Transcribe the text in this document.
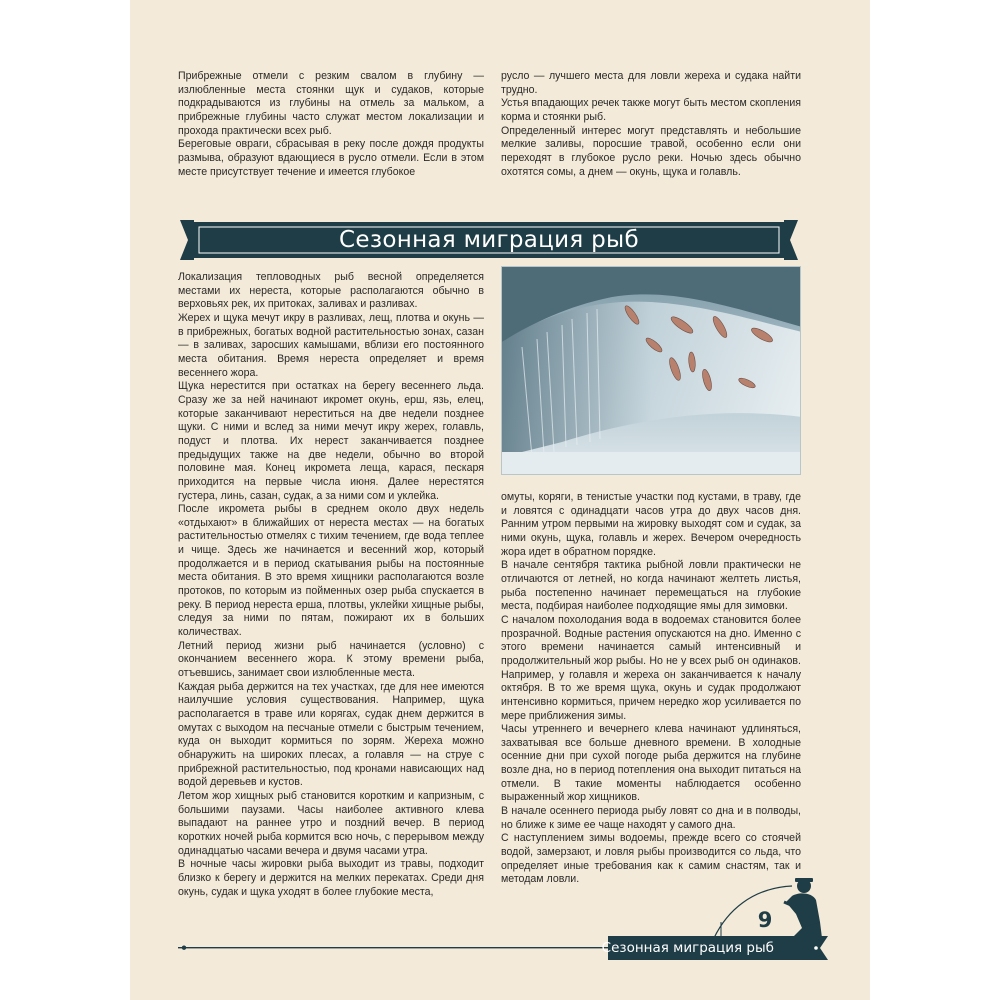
Прибрежные отмели с резким свалом в глубину — излюбленные места стоянки щук и судаков, которые подкрадываются из глубины на отмель за мальком, а прибрежные глубины часто служат местом локализации и прохода практически всех рыб.

Береговые овраги, сбрасывая в реку после дождя продукты размыва, образуют вдающиеся в русло отмели. Если в этом месте присутствует течение и имеется глубокое

русло — лучшего места для ловли жереха и судака найти трудно.

Устья впадающих речек также могут быть местом скопления корма и стоянки рыб.

Определенный интерес могут представлять и небольшие мелкие заливы, поросшие травой, особенно если они переходят в глубокое русло реки. Ночью здесь обычно охотятся сомы, а днем — окунь, щука и голавль.

Сезонная миграция рыб

Локализация тепловодных рыб весной определяется местами их нереста, которые располагаются обычно в верховьях рек, их притоках, заливах и разливах.

Жерех и щука мечут икру в разливах, лещ, плотва и окунь — в прибрежных, богатых водной растительностью зонах, сазан — в заливах, заросших камышами, вблизи его постоянного места обитания. Время нереста определяет и время весеннего жора.

Щука нерестится при остатках на берегу весеннего льда. Сразу же за ней начинают икромет окунь, ерш, язь, елец, которые заканчивают нереститься на две недели позднее щуки. С ними и вслед за ними мечут икру жерех, голавль, подуст и плотва. Их нерест заканчивается позднее предыдущих также на две недели, обычно во второй половине мая. Конец икромета леща, карася, пескаря приходится на первые числа июня. Далее нерестятся густера, линь, сазан, судак, а за ними сом и уклейка.

После икромета рыбы в среднем около двух недель «отдыхают» в ближайших от нереста местах — на богатых растительностью отмелях с тихим течением, где вода теплее и чище. Здесь же начинается и весенний жор, который продолжается и в период скатывания рыбы на постоянные места обитания. В это время хищники располагаются возле протоков, по которым из пойменных озер рыба спускается в реку. В период нереста ерша, плотвы, уклейки хищные рыбы, следуя за ними по пятам, пожирают их в больших количествах.

Летний период жизни рыб начинается (условно) с окончанием весеннего жора. К этому времени рыба, отъевшись, занимает свои излюбленные места.

Каждая рыба держится на тех участках, где для нее имеются наилучшие условия существования. Например, щука располагается в траве или корягах, судак днем держится в омутах с выходом на песчаные отмели с быстрым течением, куда он выходит кормиться по зорям. Жереха можно обнаружить на широких плесах, а голавля — на струе с прибрежной растительностью, под кронами нависающих над водой деревьев и кустов.

Летом жор хищных рыб становится коротким и капризным, с большими паузами. Часы наиболее активного клева выпадают на раннее утро и поздний вечер. В период коротких ночей рыба кормится всю ночь, с перерывом между одинадцатью часами вечера и двумя часами утра.

В ночные часы жировки рыба выходит из травы, подходит близко к берегу и держится на мелких перекатах. Среди дня окунь, судак и щука уходят в более глубокие места,

омуты, коряги, в тенистые участки под кустами, в траву, где и ловятся с одинадцати часов утра до двух часов дня. Ранним утром первыми на жировку выходят сом и судак, за ними окунь, щука, голавль и жерех. Вечером очередность жора идет в обратном порядке.

В начале сентября тактика рыбной ловли практически не отличаются от летней, но когда начинают желтеть листья, рыба постепенно начинает перемещаться на глубокие места, подбирая наиболее подходящие ямы для зимовки.

С началом похолодания вода в водоемах становится более прозрачной. Водные растения опускаются на дно. Именно с этого времени начинается самый интенсивный и продолжительный жор рыбы. Но не у всех рыб он одинаков. Например, у голавля и жереха он заканчивается к началу октября. В то же время щука, окунь и судак продолжают интенсивно кормиться, причем нередко жор усиливается по мере приближения зимы.

Часы утреннего и вечернего клева начинают удлиняться, захватывая все больше дневного времени. В холодные осенние дни при сухой погоде рыба держится на глубине возле дна, но в период потепления она выходит питаться на отмели. В такие моменты наблюдается особенно выраженный жор хищников.

В начале осеннего периода рыбу ловят со дна и в полводы, но ближе к зиме ее чаще находят у самого дна.

С наступлением зимы водоемы, прежде всего со стоячей водой, замерзают, и ловля рыбы производится со льда, что определяет иные требования как к самим снастям, так и методам ловли.

9
Сезонная миграция рыб
